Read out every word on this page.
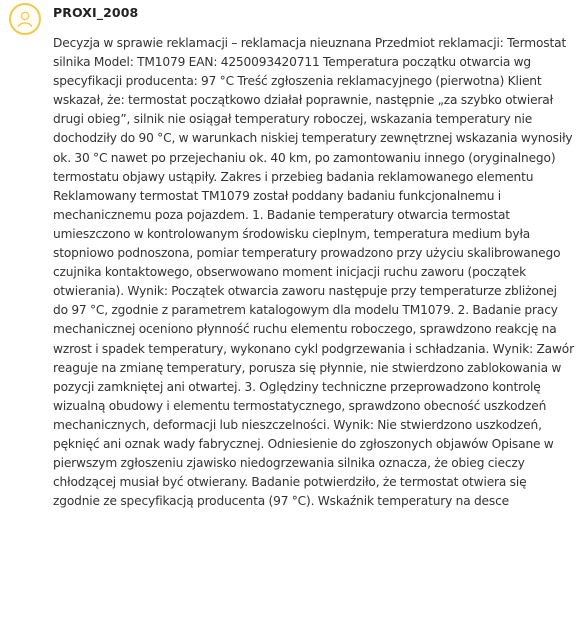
PROXI_2008
Decyzja w sprawie reklamacji – reklamacja nieuznana Przedmiot reklamacji: Termostat silnika Model: TM1079 EAN: 4250093420711 Temperatura początku otwarcia wg specyfikacji producenta: 97 °C Treść zgłoszenia reklamacyjnego (pierwotna) Klient wskazał, że: termostat początkowo działał poprawnie, następnie „za szybko otwierał drugi obieg”, silnik nie osiągał temperatury roboczej, wskazania temperatury nie dochodziły do 90 °C, w warunkach niskiej temperatury zewnętrznej wskazania wynosiły ok. 30 °C nawet po przejechaniu ok. 40 km, po zamontowaniu innego (oryginalnego) termostatu objawy ustąpiły. Zakres i przebieg badania reklamowanego elementu Reklamowany termostat TM1079 został poddany badaniu funkcjonalnemu i mechanicznemu poza pojazdem. 1. Badanie temperatury otwarcia termostat umieszczono w kontrolowanym środowisku cieplnym, temperatura medium była stopniowo podnoszona, pomiar temperatury prowadzono przy użyciu skalibrowanego czujnika kontaktowego, obserwowano moment inicjacji ruchu zaworu (początek otwierania). Wynik: Początek otwarcia zaworu następuje przy temperaturze zbliżonej do 97 °C, zgodnie z parametrem katalogowym dla modelu TM1079. 2. Badanie pracy mechanicznej oceniono płynność ruchu elementu roboczego, sprawdzono reakcję na wzrost i spadek temperatury, wykonano cykl podgrzewania i schładzania. Wynik: Zawór reaguje na zmianę temperatury, porusza się płynnie, nie stwierdzono zablokowania w pozycji zamkniętej ani otwartej. 3. Oględziny techniczne przeprowadzono kontrolę wizualną obudowy i elementu termostatycznego, sprawdzono obecność uszkodzeń mechanicznych, deformacji lub nieszczelności. Wynik: Nie stwierdzono uszkodzeń, pęknięć ani oznak wady fabrycznej. Odniesienie do zgłoszonych objawów Opisane w pierwszym zgłoszeniu zjawisko niedogrzewania silnika oznacza, że obieg cieczy chłodzącej musiał być otwierany. Badanie potwierdziło, że termostat otwiera się zgodnie ze specyfikacją producenta (97 °C). Wskaźnik temperatury na desce
